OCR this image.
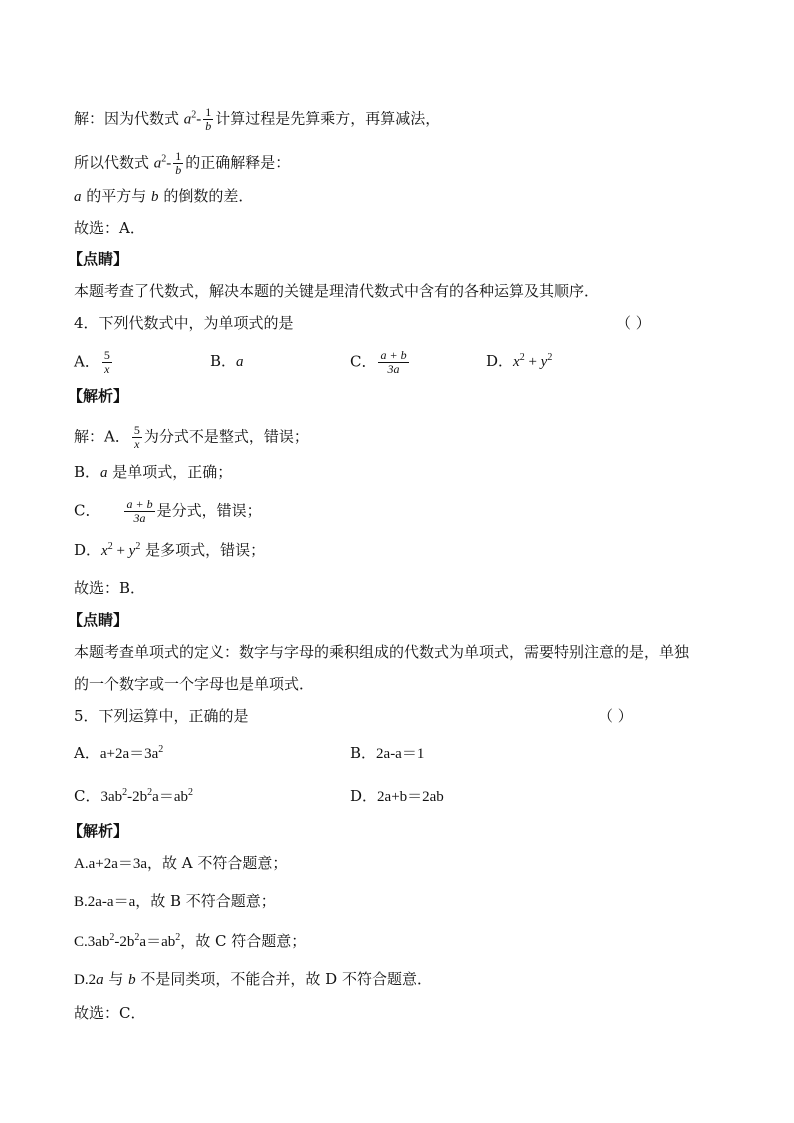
解：因为代数式 $a^2- \frac{1}{b}$ 计算过程是先算乘方，再算减法，
所以代数式 $a^2- \frac{1}{b}$ 的正确解释是：
a 的平方与 b 的倒数的差．
故选：A．
【点睛】
本题考查了代数式，解决本题的关键是理清代数式中含有的各种运算及其顺序．
4．下列代数式中，为单项式的是	（ ）
A． $\frac{5}{x}$	B．a	C． $\frac{a + b}{3a}$	D．$x^2 + y^2$
【解析】
解：A． $\frac{5}{x}$ 为分式不是整式，错误；
B．a 是单项式，正确；
C． $\frac{a + b}{3a}$ 是分式，错误；
D．$x^2 + y^2$ 是多项式，错误；
故选：B．
【点睛】
本题考查单项式的定义：数字与字母的乘积组成的代数式为单项式，需要特别注意的是，单独
的一个数字或一个字母也是单项式．
5．下列运算中，正确的是	（ ）
A．$a+2a=3a^2$	B．2a-a＝1
C．$3ab^2-2b^2a=ab^2$	D．2a+b＝2ab
【解析】
A.a+2a＝3a，故 A 不符合题意；
B.2a-a＝a，故 B 不符合题意；
$C.3ab^2-2b^2a=ab^2$，故 C 符合题意；
D.2a 与 b 不是同类项，不能合并，故 D 不符合题意．
故选：C．
